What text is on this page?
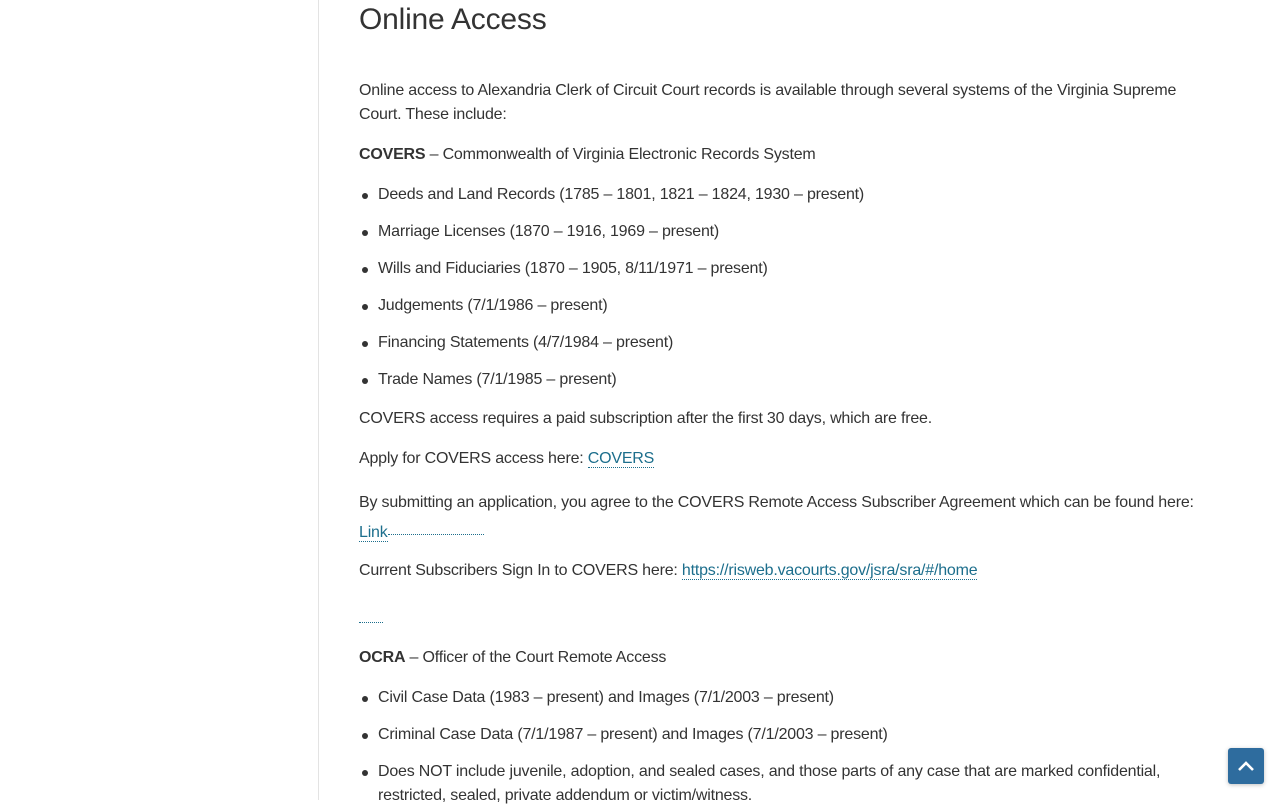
Online Access

Online access to Alexandria Clerk of Circuit Court records is available through several systems of the Virginia Supreme Court. These include:

COVERS – Commonwealth of Virginia Electronic Records System

Deeds and Land Records (1785 – 1801, 1821 – 1824, 1930 – present)
Marriage Licenses (1870 – 1916, 1969 – present)
Wills and Fiduciaries (1870 – 1905, 8/11/1971 – present)
Judgements (7/1/1986 – present)
Financing Statements (4/7/1984 – present)
Trade Names (7/1/1985 – present)

COVERS access requires a paid subscription after the first 30 days, which are free.

Apply for COVERS access here: COVERS

By submitting an application, you agree to the COVERS Remote Access Subscriber Agreement which can be found here:
Link

Current Subscribers Sign In to COVERS here: https://risweb.vacourts.gov/jsra/sra/#/home

OCRA – Officer of the Court Remote Access

Civil Case Data (1983 – present) and Images (7/1/2003 – present)
Criminal Case Data (7/1/1987 – present) and Images (7/1/2003 – present)
Does NOT include juvenile, adoption, and sealed cases, and those parts of any case that are marked confidential, restricted, sealed, private addendum or victim/witness.
